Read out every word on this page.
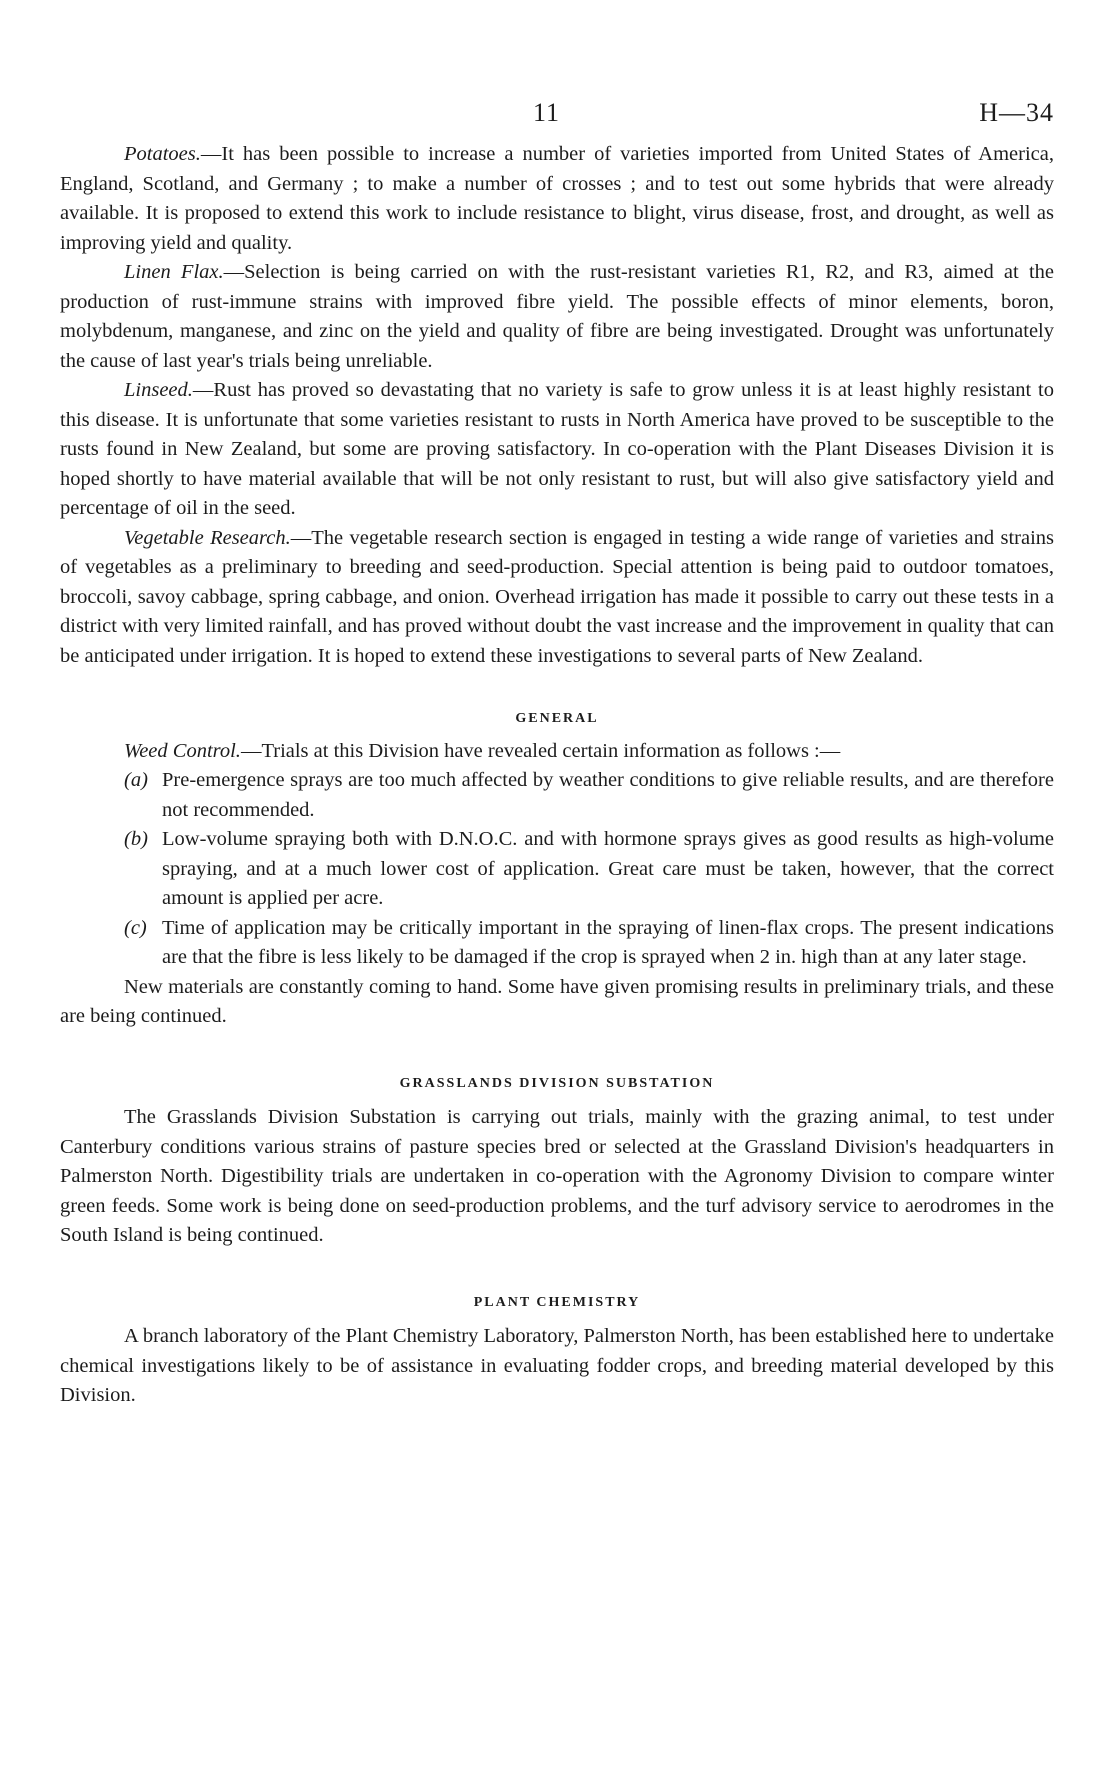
11	H—34

Potatoes.—It has been possible to increase a number of varieties imported from United States of America, England, Scotland, and Germany ; to make a number of crosses ; and to test out some hybrids that were already available. It is proposed to extend this work to include resistance to blight, virus disease, frost, and drought, as well as improving yield and quality.

Linen Flax.—Selection is being carried on with the rust-resistant varieties R1, R2, and R3, aimed at the production of rust-immune strains with improved fibre yield. The possible effects of minor elements, boron, molybdenum, manganese, and zinc on the yield and quality of fibre are being investigated. Drought was unfortunately the cause of last year's trials being unreliable.

Linseed.—Rust has proved so devastating that no variety is safe to grow unless it is at least highly resistant to this disease. It is unfortunate that some varieties resistant to rusts in North America have proved to be susceptible to the rusts found in New Zealand, but some are proving satisfactory. In co-operation with the Plant Diseases Division it is hoped shortly to have material available that will be not only resistant to rust, but will also give satisfactory yield and percentage of oil in the seed.

Vegetable Research.—The vegetable research section is engaged in testing a wide range of varieties and strains of vegetables as a preliminary to breeding and seed-production. Special attention is being paid to outdoor tomatoes, broccoli, savoy cabbage, spring cabbage, and onion. Overhead irrigation has made it possible to carry out these tests in a district with very limited rainfall, and has proved without doubt the vast increase and the improvement in quality that can be anticipated under irrigation. It is hoped to extend these investigations to several parts of New Zealand.

GENERAL

Weed Control.—Trials at this Division have revealed certain information as follows :—

(a) Pre-emergence sprays are too much affected by weather conditions to give reliable results, and are therefore not recommended.
(b) Low-volume spraying both with D.N.O.C. and with hormone sprays gives as good results as high-volume spraying, and at a much lower cost of application. Great care must be taken, however, that the correct amount is applied per acre.
(c) Time of application may be critically important in the spraying of linen-flax crops. The present indications are that the fibre is less likely to be damaged if the crop is sprayed when 2 in. high than at any later stage.

New materials are constantly coming to hand. Some have given promising results in preliminary trials, and these are being continued.

GRASSLANDS DIVISION SUBSTATION

The Grasslands Division Substation is carrying out trials, mainly with the grazing animal, to test under Canterbury conditions various strains of pasture species bred or selected at the Grassland Division's headquarters in Palmerston North. Digestibility trials are undertaken in co-operation with the Agronomy Division to compare winter green feeds. Some work is being done on seed-production problems, and the turf advisory service to aerodromes in the South Island is being continued.

PLANT CHEMISTRY

A branch laboratory of the Plant Chemistry Laboratory, Palmerston North, has been established here to undertake chemical investigations likely to be of assistance in evaluating fodder crops, and breeding material developed by this Division.
